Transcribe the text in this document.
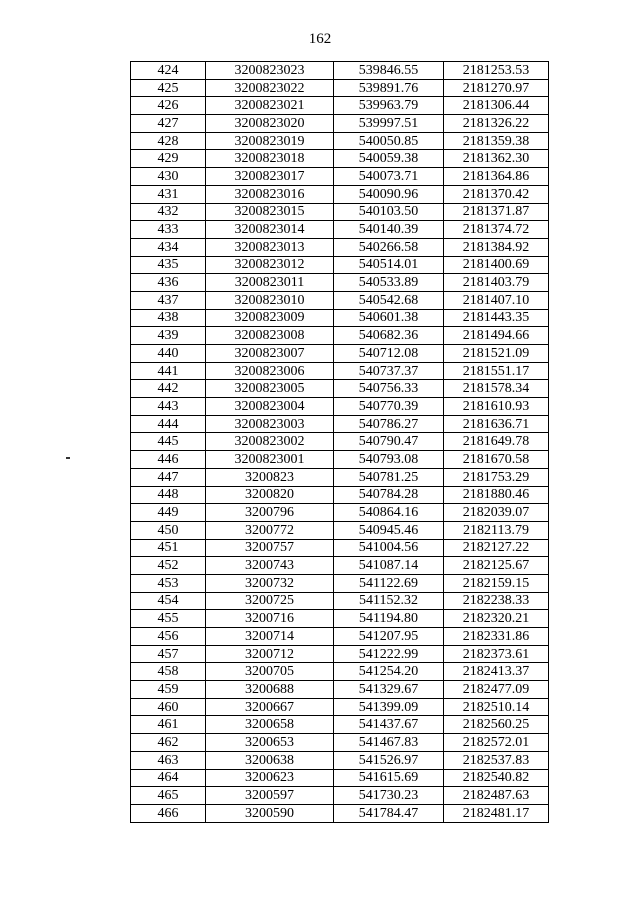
162
424	3200823023	539846.55	2181253.53
425	3200823022	539891.76	2181270.97
426	3200823021	539963.79	2181306.44
427	3200823020	539997.51	2181326.22
428	3200823019	540050.85	2181359.38
429	3200823018	540059.38	2181362.30
430	3200823017	540073.71	2181364.86
431	3200823016	540090.96	2181370.42
432	3200823015	540103.50	2181371.87
433	3200823014	540140.39	2181374.72
434	3200823013	540266.58	2181384.92
435	3200823012	540514.01	2181400.69
436	3200823011	540533.89	2181403.79
437	3200823010	540542.68	2181407.10
438	3200823009	540601.38	2181443.35
439	3200823008	540682.36	2181494.66
440	3200823007	540712.08	2181521.09
441	3200823006	540737.37	2181551.17
442	3200823005	540756.33	2181578.34
443	3200823004	540770.39	2181610.93
444	3200823003	540786.27	2181636.71
445	3200823002	540790.47	2181649.78
446	3200823001	540793.08	2181670.58
447	3200823	540781.25	2181753.29
448	3200820	540784.28	2181880.46
449	3200796	540864.16	2182039.07
450	3200772	540945.46	2182113.79
451	3200757	541004.56	2182127.22
452	3200743	541087.14	2182125.67
453	3200732	541122.69	2182159.15
454	3200725	541152.32	2182238.33
455	3200716	541194.80	2182320.21
456	3200714	541207.95	2182331.86
457	3200712	541222.99	2182373.61
458	3200705	541254.20	2182413.37
459	3200688	541329.67	2182477.09
460	3200667	541399.09	2182510.14
461	3200658	541437.67	2182560.25
462	3200653	541467.83	2182572.01
463	3200638	541526.97	2182537.83
464	3200623	541615.69	2182540.82
465	3200597	541730.23	2182487.63
466	3200590	541784.47	2182481.17
